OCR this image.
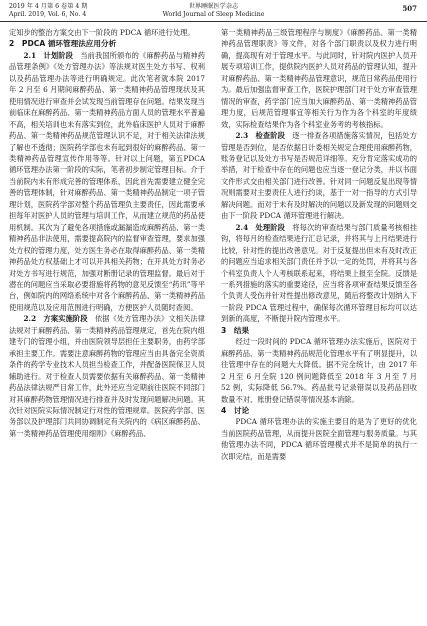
2019 年 4 月第 6 卷第 4 期
April. 2019, Vol. 6, No. 4
世界睡眠医学杂志
World Journal of Sleep Medicine
507

定知步的整治方案交由下一阶段的 PDCA 循环进行处理。

2　PDCA 循环管理法应用分析

2.1　计划阶段　当前我国所颁布的《麻醉药品与精神药品管理条例》《处方管理办法》等法规对医生处方书写、权利以及药品管理办法等进行明确规定。此次笔者就本院 2017 年 2 月至 6 月期间麻醉药品、第一类精神药品管理现状及其使用情况进行审查并会试发现当前管理存在问题。结果发现当前临床在麻醉药品、第一类精神药品方面人员的管理水平普遍不高，相关培训也未有落实到位，此外临床医护人员对于麻醉药品、第一类精神药品规范管理认识不足，对于相关法律法规了解也不透彻；医院药学部也未有起到很好的麻醉药品、第一类精神药品管理宣传作用等等。针对以上问题，第五PDCA 循环管理办法第一阶段的实际，笔者初步制定管理目标。介于当前院内未有形成完善的管理体系，因此首先需要建立健全完善的管理体制，针对麻醉药品、第一类精神药品制定一项子管理计划，医院药学部对整个药品管理负主要责任，因此需要承担每年对医护人员的管理与培训工作，从而建立规范的药品使用机制。其次为了避免各项措施或漏漏造成麻醉药品、第一类精神药品非法使用，需要提高院内的监督审查管理，要求加强处方权的管理力度，处方医生务必在取得麻醉药品、第一类精神药品处方权基础上才可以开具相关药物；在开具处方时务必对处方书写进行规范，加强对断册记录的管理监督。最后对于潜在的问题应当采取必要措施将药物的意见反馈至“药讯”等平台，例如院内的网络系统中对各个麻醉药品、第一类精神药品使用规范以及应用范围进行明确，方便医护人员随时查阅。

2.2　方案实施阶段　依据《处方管理办法》文相关法律法规对于麻醉药品、第一类精神药品管理规定，首先在院内组建专门的管理小组，并由医院领导层担任主要职务，由药学部承担主要工作。需要注意麻醉药物的管理应当由具备完全资质条件的药学专业技术人员担当检查工作，并配备医院保卫人员辅助进行。对于检查人员需要依据有关麻醉药品、第一类精神药品法律法规严目常工作，此外还应当定期前往医院不同部门对其麻醉药物管理情况进行排查并及时发现问题解决问题。其次针对医院实际情况制定行对性的管理规章。医院药学部、医务部以及护理部门共同协调制定有关院内的《病区麻醉药品、第一类精神药品管理使用细则》《麻醉药品、

第一类精神药品三级管理程序与制度》《麻醉药品、第一类精神药品管理职责》等文件，对各个部门职责以及权力进行明确，提高现有对于管理水平。与此同时，针对院内医护人员开展专项培训工作，提供院内医护人员对药品的管理认知，提升对麻醉药品、第一类精神药品管理意识，规范日常药品使用行为。最后加强监督审查工作，医院护理部门对于处方审查管理情况的审查，药学部门应当加大麻醉药品、第一类精神药品管理力度，后规范管理事宜等相关行为作为各个科室的年度绩效，实际检查结果作为各个科室业务考的考核指标。

2.3　检查阶段　逐一排查各项措施落实情况，包括处方管理是否到位，是否依据日计委相关规定合理使用麻醉药物，账务登记以及处方书写是否规范详细等。充分肯定落实成功的举措，对于检查中存在的问题也应当逐一登记分类，并以书面文件形式交由相关部门进行改善。针对同一问题反复出现等情况则需要对主要责任人进行约谈，基于一对一指导的方式引导解决问题。而对于未有及时解决的问题以及新发现的问题则交由下一阶段 PDCA 循环管理进行解决。

2.4　处理阶段　将每次的审查结果与部门质量考核相挂钩，将每月的检查结果进行汇总记录，并将其与上月结果进行比较，针对性的提出改善意见。对于反复提出但未有及时改正的问题应当追求相关部门责任并予以一定的处罚，并将其与各个科室负责人个人考核联系起来，将结果上报至全院。反馈是一系列措施的落实的重要途径，应当将各项审查结果反馈至各个负责人受伤并针对性提出修改意见，随后将整改计划纳入下一阶段 PDCA 管理过程中，确保每次循环管理目标均可以达到新的高度，不断提升院内管理水平。

3　结果

经过一段时间的 PDCA 循环管理办法实施后，医院对于麻醉药品、第一类精神药品规范化管理水平有了明显提升，以往管理中存在的问题大大降低。据不完全统计，由 2017 年 2 月至 6 月全院 120 例问题降低至 2018 年 3 月至 7 月 52 例，实际降低 56.7%。药品批号记录错误以及药品回收数量不对、账册登记错误等情况基本消除。

4　讨论

PDCA 循环管理办法的实施主要目的是为了更好的优化当前医院药品管理，从而提升医院全面管理与服务质量。与其他管理办法不同，PDCA 循环管理模式并不是简单的执行一次即完结，而是需要
